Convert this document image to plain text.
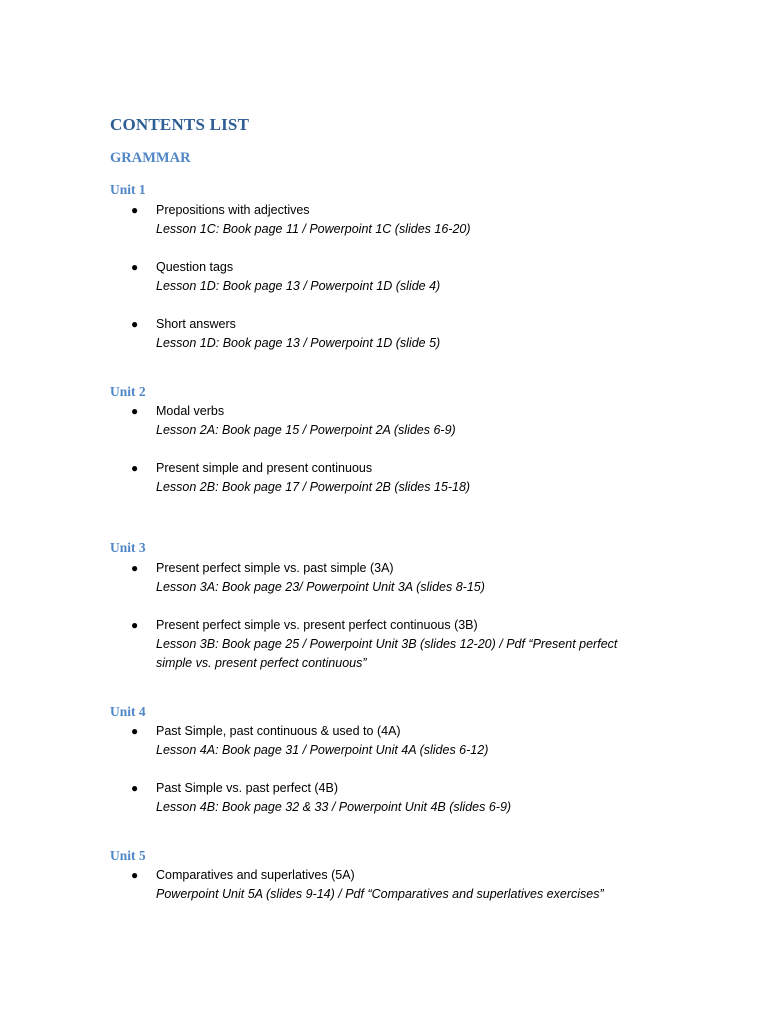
CONTENTS LIST
GRAMMAR
Unit 1
● Prepositions with adjectives
Lesson 1C: Book page 11 / Powerpoint 1C (slides 16-20)
● Question tags
Lesson 1D: Book page 13 / Powerpoint 1D (slide 4)
● Short answers
Lesson 1D: Book page 13 / Powerpoint 1D (slide 5)
Unit 2
● Modal verbs
Lesson 2A: Book page 15 / Powerpoint 2A (slides 6-9)
● Present simple and present continuous
Lesson 2B: Book page 17 / Powerpoint 2B (slides 15-18)
Unit 3
● Present perfect simple vs. past simple (3A)
Lesson 3A: Book page 23/ Powerpoint Unit 3A (slides 8-15)
● Present perfect simple vs. present perfect continuous (3B)
Lesson 3B: Book page 25 / Powerpoint Unit 3B (slides 12-20) / Pdf “Present perfect simple vs. present perfect continuous”
Unit 4
● Past Simple, past continuous & used to (4A)
Lesson 4A: Book page 31 / Powerpoint Unit 4A (slides 6-12)
● Past Simple vs. past perfect (4B)
Lesson 4B: Book page 32 & 33 / Powerpoint Unit 4B (slides 6-9)
Unit 5
● Comparatives and superlatives (5A)
Powerpoint Unit 5A (slides 9-14) / Pdf “Comparatives and superlatives exercises”
